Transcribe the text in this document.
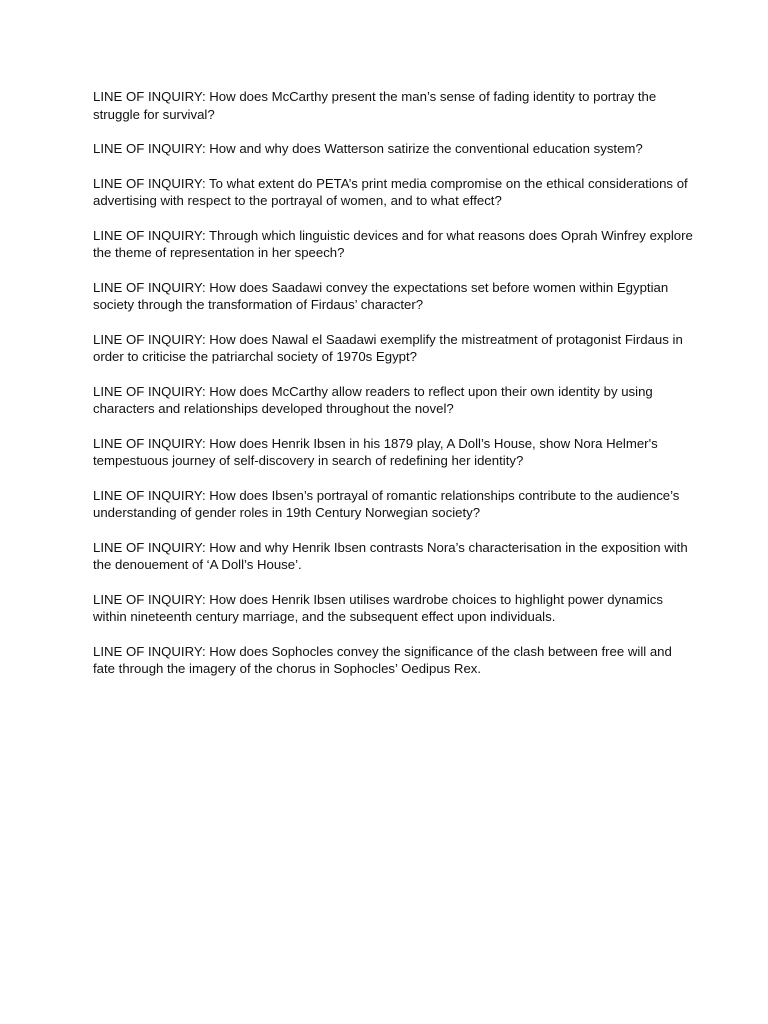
LINE OF INQUIRY: How does McCarthy present the man’s sense of fading identity to portray the struggle for survival?

LINE OF INQUIRY: How and why does Watterson satirize the conventional education system?

LINE OF INQUIRY: To what extent do PETA’s print media compromise on the ethical considerations of advertising with respect to the portrayal of women, and to what effect?

LINE OF INQUIRY: Through which linguistic devices and for what reasons does Oprah Winfrey explore the theme of representation in her speech?

LINE OF INQUIRY: How does Saadawi convey the expectations set before women within Egyptian society through the transformation of Firdaus’ character?

LINE OF INQUIRY: How does Nawal el Saadawi exemplify the mistreatment of protagonist Firdaus in order to criticise the patriarchal society of 1970s Egypt?

LINE OF INQUIRY: How does McCarthy allow readers to reflect upon their own identity by using characters and relationships developed throughout the novel?

LINE OF INQUIRY: How does Henrik Ibsen in his 1879 play, A Doll’s House, show Nora Helmer's tempestuous journey of self-discovery in search of redefining her identity?

LINE OF INQUIRY: How does Ibsen’s portrayal of romantic relationships contribute to the audience’s understanding of gender roles in 19th Century Norwegian society?

LINE OF INQUIRY: How and why Henrik Ibsen contrasts Nora’s characterisation in the exposition with the denouement of ‘A Doll’s House’.

LINE OF INQUIRY: How does Henrik Ibsen utilises wardrobe choices to highlight power dynamics within nineteenth century marriage, and the subsequent effect upon individuals.

LINE OF INQUIRY: How does Sophocles convey the significance of the clash between free will and fate through the imagery of the chorus in Sophocles’ Oedipus Rex.
